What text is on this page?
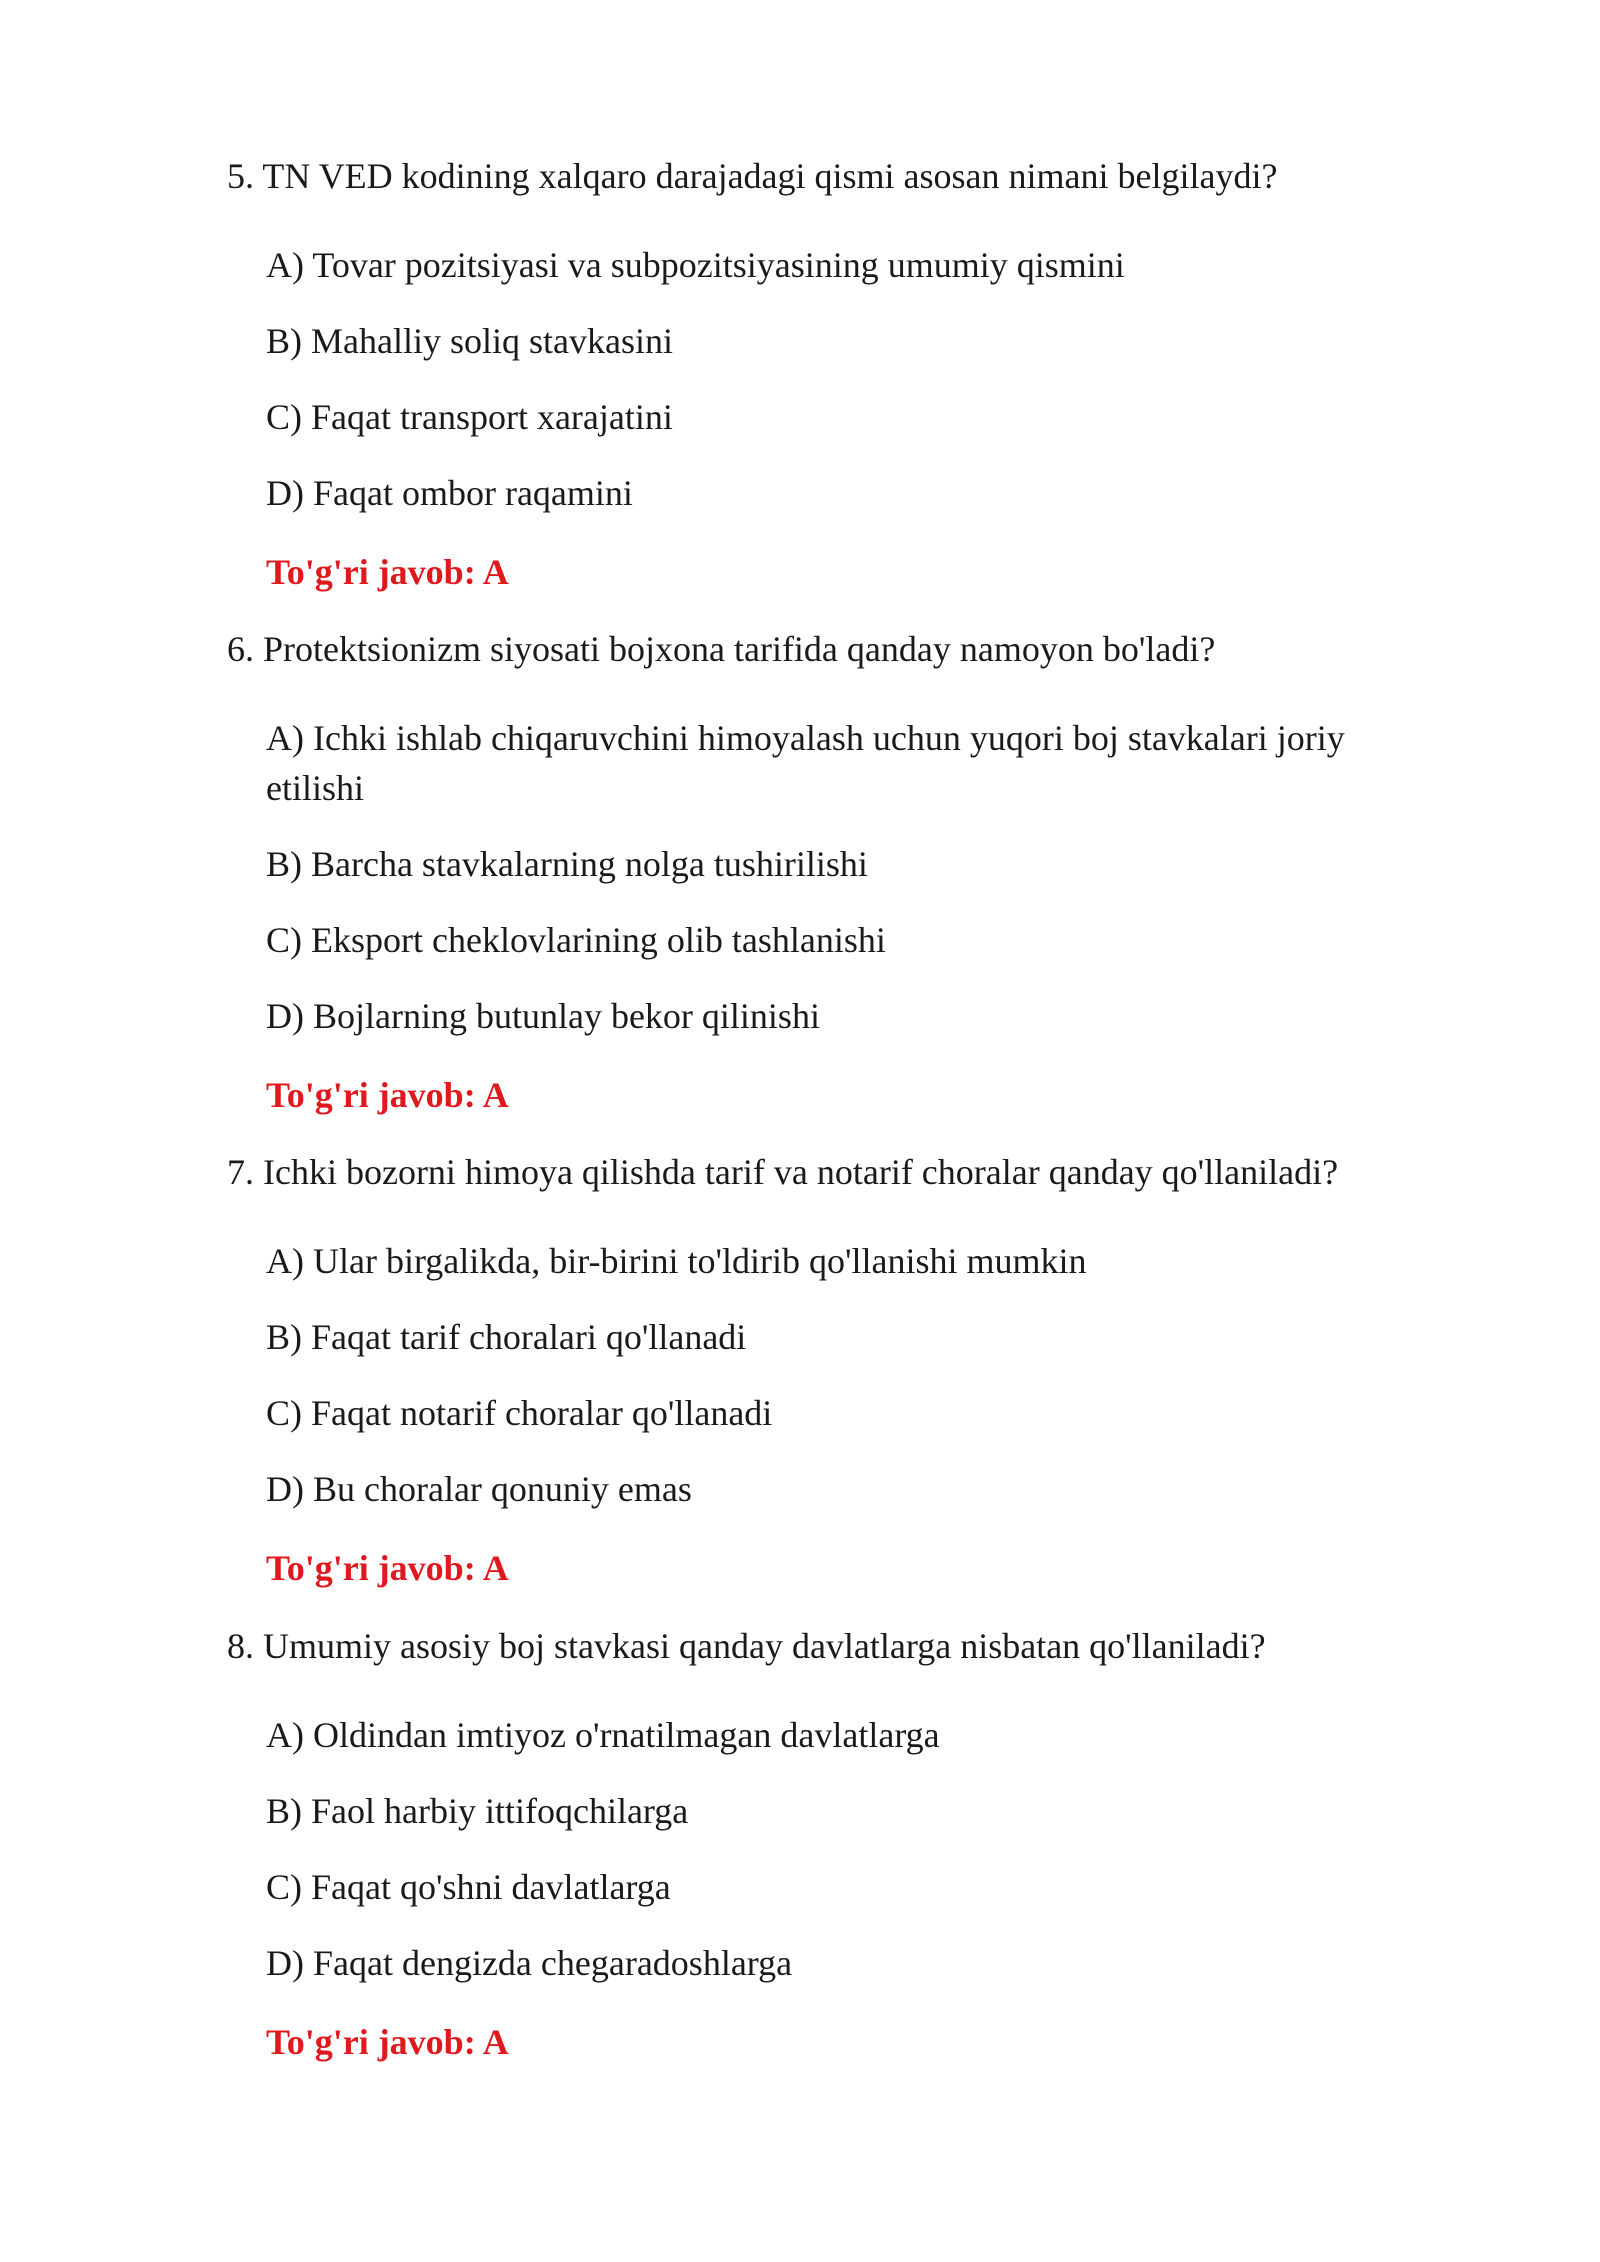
5. TN VED kodining xalqaro darajadagi qismi asosan nimani belgilaydi?
A) Tovar pozitsiyasi va subpozitsiyasining umumiy qismini
B) Mahalliy soliq stavkasini
C) Faqat transport xarajatini
D) Faqat ombor raqamini
To'g'ri javob: A
6. Protektsionizm siyosati bojxona tarifida qanday namoyon bo'ladi?
A) Ichki ishlab chiqaruvchini himoyalash uchun yuqori boj stavkalari joriy etilishi
B) Barcha stavkalarning nolga tushirilishi
C) Eksport cheklovlarining olib tashlanishi
D) Bojlarning butunlay bekor qilinishi
To'g'ri javob: A
7. Ichki bozorni himoya qilishda tarif va notarif choralar qanday qo'llaniladi?
A) Ular birgalikda, bir-birini to'ldirib qo'llanishi mumkin
B) Faqat tarif choralari qo'llanadi
C) Faqat notarif choralar qo'llanadi
D) Bu choralar qonuniy emas
To'g'ri javob: A
8. Umumiy asosiy boj stavkasi qanday davlatlarga nisbatan qo'llaniladi?
A) Oldindan imtiyoz o'rnatilmagan davlatlarga
B) Faol harbiy ittifoqchilarga
C) Faqat qo'shni davlatlarga
D) Faqat dengizda chegaradoshlarga
To'g'ri javob: A
